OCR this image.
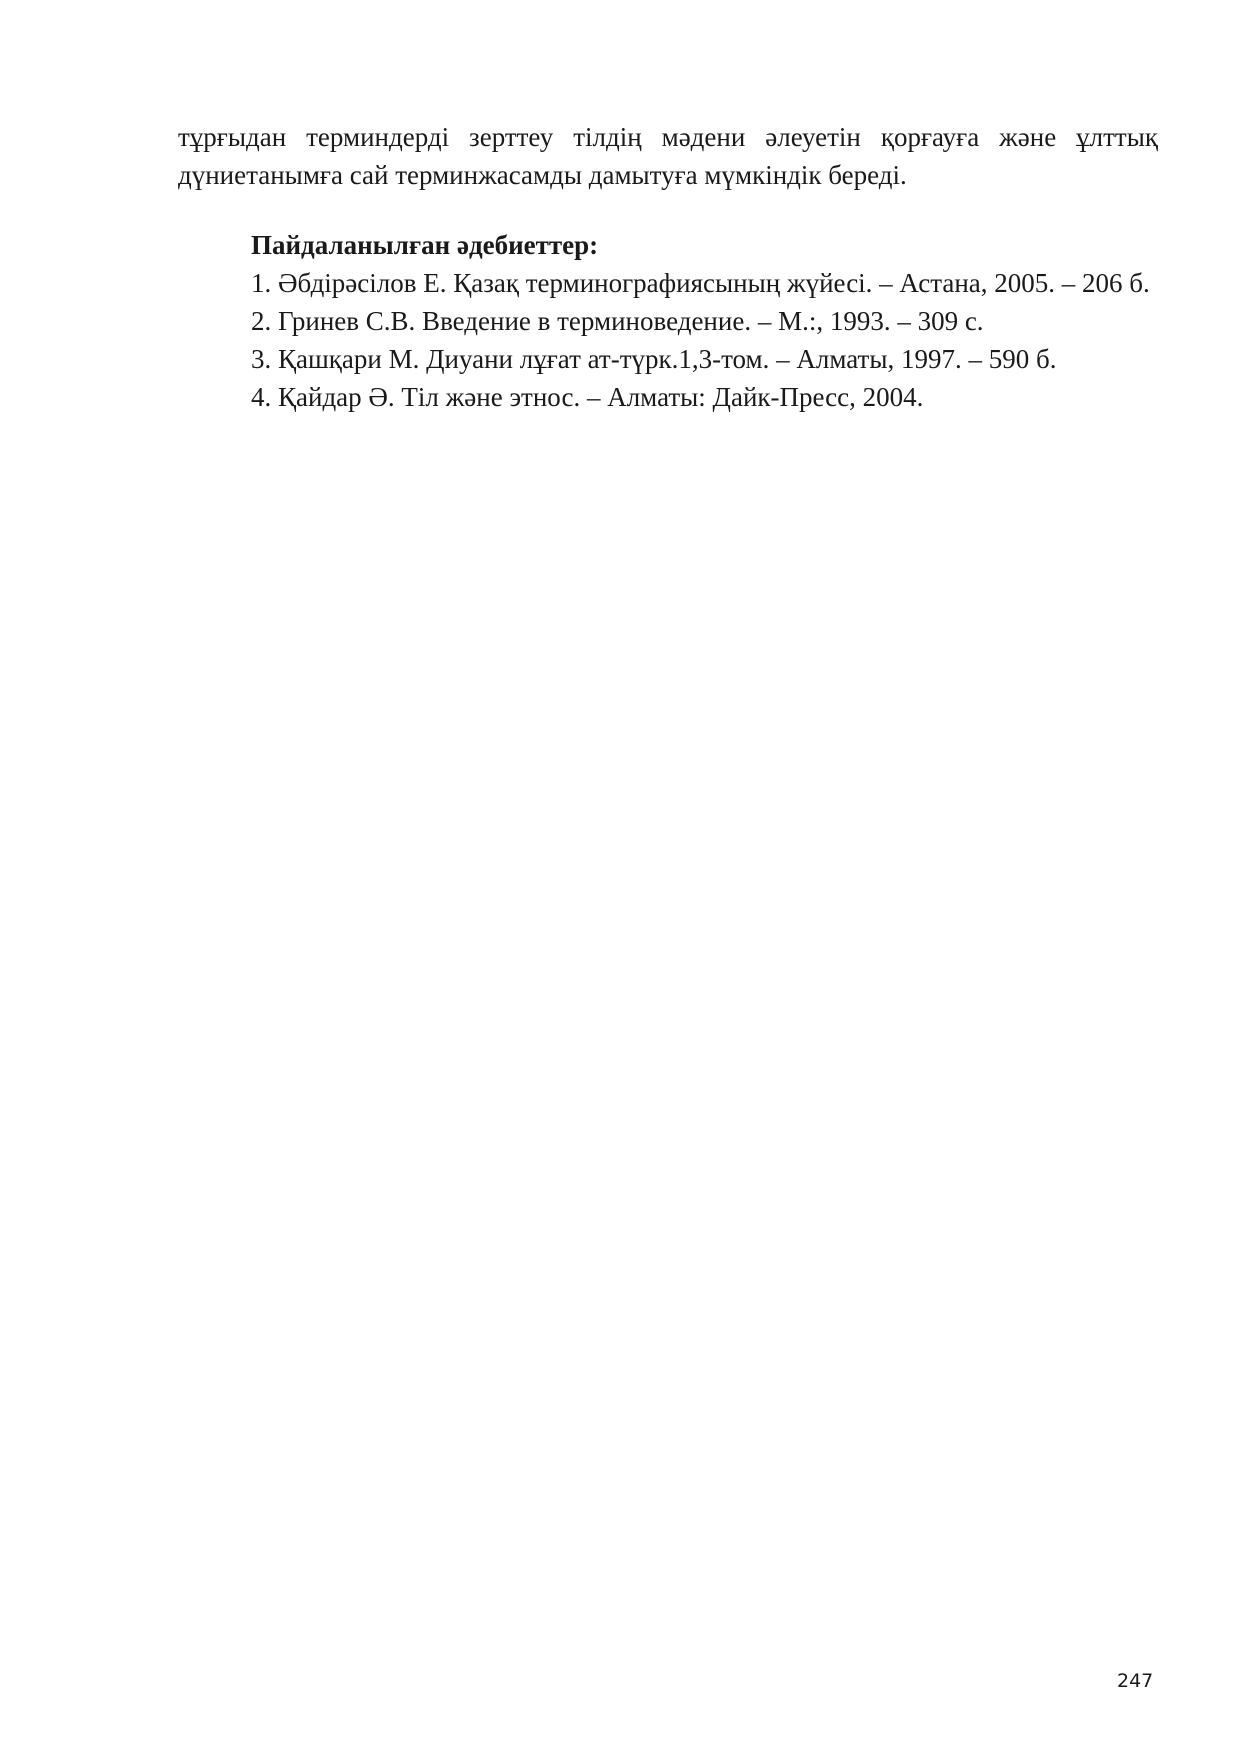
тұрғыдан терминдерді зерттеу тілдің мәдени әлеуетін қорғауға және ұлттық
дүниетанымға сай терминжасамды дамытуға мүмкіндік береді.

Пайдаланылған әдебиеттер:
1. Әбдірәсілов Е. Қазақ терминографиясының жүйесі. – Астана, 2005. – 206 б.
2. Гринев С.В. Введение в терминоведение. – М.:, 1993. – 309 с.
3. Қашқари М. Диуани лұғат ат-түрк.1,3-том. – Алматы, 1997. – 590 б.
4. Қайдар Ә. Тіл және этнос. – Алматы: Дайк-Пресс, 2004.
247
